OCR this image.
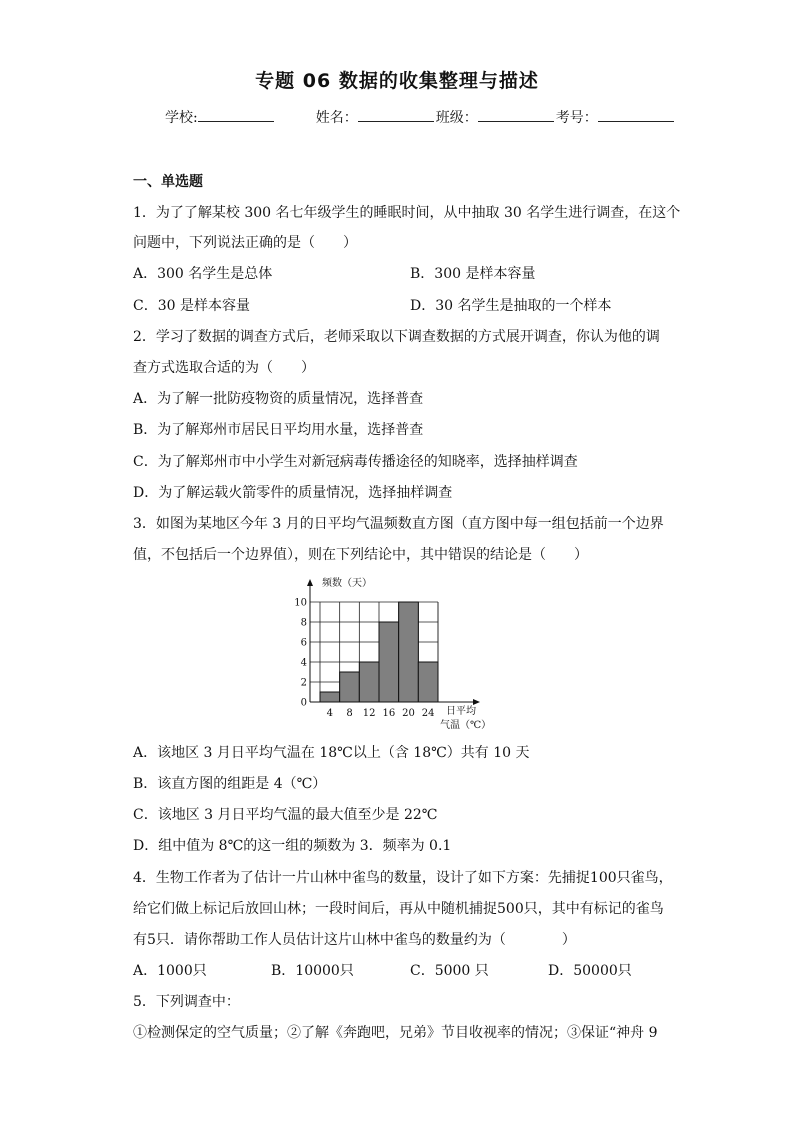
专题 06 数据的收集整理与描述
学校:	姓名：	班级：	考号：
一、单选题
1．为了了解某校 300 名七年级学生的睡眠时间，从中抽取 30 名学生进行调查，在这个
问题中，下列说法正确的是（　　）
A．300 名学生是总体	B．300 是样本容量
C．30 是样本容量	D．30 名学生是抽取的一个样本
2．学习了数据的调查方式后，老师采取以下调查数据的方式展开调查，你认为他的调
查方式选取合适的为（　　）
A．为了解一批防疫物资的质量情况，选择普查
B．为了解郑州市居民日平均用水量，选择普查
C．为了解郑州市中小学生对新冠病毒传播途径的知晓率，选择抽样调查
D．为了解运载火箭零件的质量情况，选择抽样调查
3．如图为某地区今年 3 月的日平均气温频数直方图（直方图中每一组包括前一个边界
值，不包括后一个边界值），则在下列结论中，其中错误的结论是（　　）
2
4
6
8
10
0
4 8 12 16 20 24
频数（天）
日平均
气温（℃）
A．该地区 3 月日平均气温在 18℃以上（含 18℃）共有 10 天
B．该直方图的组距是 4（℃）
C．该地区 3 月日平均气温的最大值至少是 22℃
D．组中值为 8℃的这一组的频数为 3．频率为 0.1
4．生物工作者为了估计一片山林中雀鸟的数量，设计了如下方案：先捕捉100只雀鸟，
给它们做上标记后放回山林；一段时间后，再从中随机捕捉500只，其中有标记的雀鸟
有5只．请你帮助工作人员估计这片山林中雀鸟的数量约为（　　　　）
A．1000只	B．10000只	C．5000 只	D．50000只
5．下列调查中：
①检测保定的空气质量；②了解《奔跑吧，兄弟》节目收视率的情况；③保证“神舟 9
